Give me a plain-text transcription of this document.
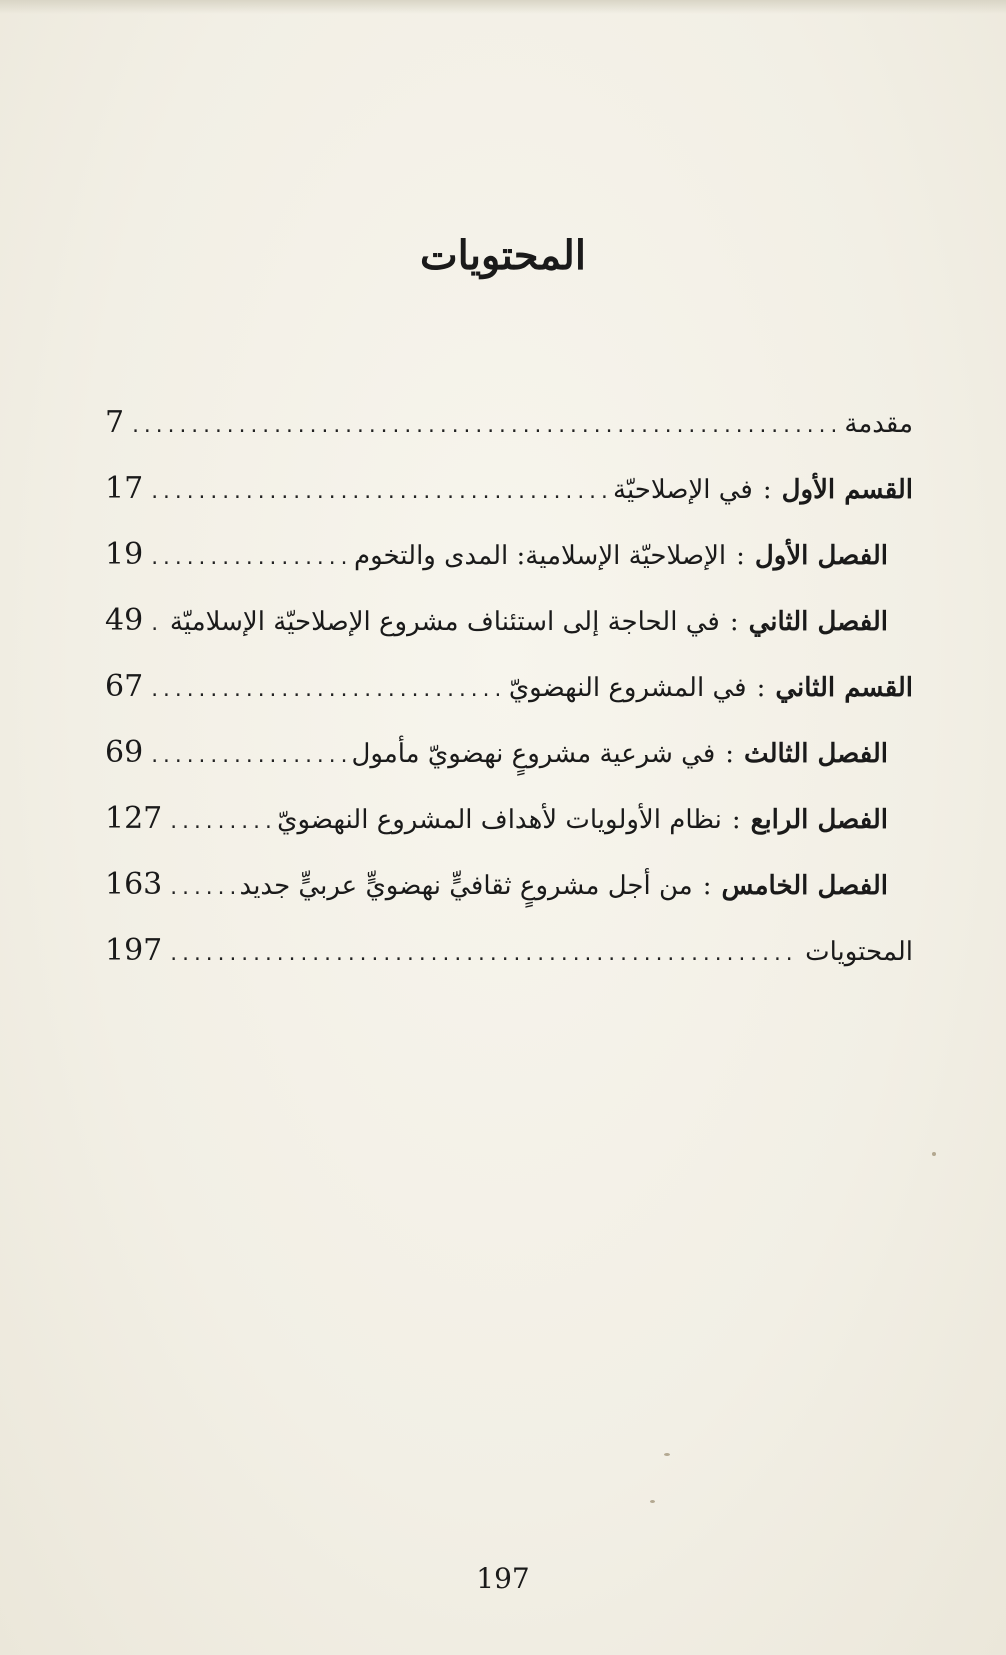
المحتويات
مقدمة
.....
7
القسم الأول:في الإصلاحيّة
.....
17
الفصل الأول:الإصلاحيّة الإسلامية: المدى والتخوم
.....
19
الفصل الثاني:في الحاجة إلى استئناف مشروع الإصلاحيّة الإسلاميّة
.....
49
القسم الثاني:في المشروع النهضويّ
.....
67
الفصل الثالث:في شرعية مشروعٍ نهضويّ مأمول
.....
69
الفصل الرابع:نظام الأولويات لأهداف المشروع النهضويّ
.....
127
الفصل الخامس:من أجل مشروعٍ ثقافيٍّ نهضويٍّ عربيٍّ جديد
.....
163
المحتويات
.....
197
197
